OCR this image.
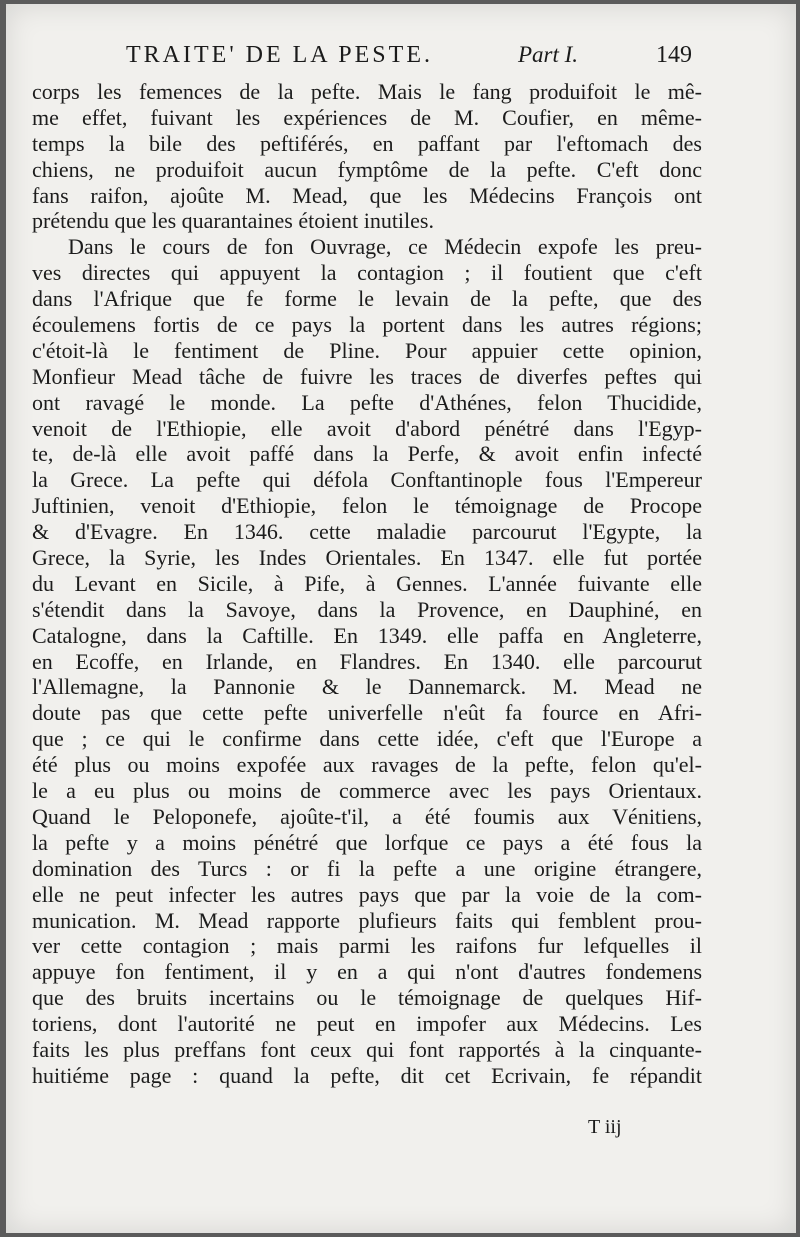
TRAITE' DE LA PESTE.	Part I.	149
corps les femences de la pefte. Mais le fang produifoit le mê-
me effet, fuivant les expériences de M. Coufier, en même-
temps la bile des peftiférés, en paffant par l'eftomach des
chiens, ne produifoit aucun fymptôme de la pefte. C'eft donc
fans raifon, ajoûte M. Mead, que les Médecins François ont
prétendu que les quarantaines étoient inutiles.
Dans le cours de fon Ouvrage, ce Médecin expofe les preu-
ves directes qui appuyent la contagion ; il foutient que c'eft
dans l'Afrique que fe forme le levain de la pefte, que des
écoulemens fortis de ce pays la portent dans les autres régions;
c'étoit-là le fentiment de Pline. Pour appuier cette opinion,
Monfieur Mead tâche de fuivre les traces de diverfes peftes qui
ont ravagé le monde. La pefte d'Athénes, felon Thucidide,
venoit de l'Ethiopie, elle avoit d'abord pénétré dans l'Egyp-
te, de-là elle avoit paffé dans la Perfe, & avoit enfin infecté
la Grece. La pefte qui défola Conftantinople fous l'Empereur
Juftinien, venoit d'Ethiopie, felon le témoignage de Procope
& d'Evagre. En 1346. cette maladie parcourut l'Egypte, la
Grece, la Syrie, les Indes Orientales. En 1347. elle fut portée
du Levant en Sicile, à Pife, à Gennes. L'année fuivante elle
s'étendit dans la Savoye, dans la Provence, en Dauphiné, en
Catalogne, dans la Caftille. En 1349. elle paffa en Angleterre,
en Ecoffe, en Irlande, en Flandres. En 1340. elle parcourut
l'Allemagne, la Pannonie & le Dannemarck. M. Mead ne
doute pas que cette pefte univerfelle n'eût fa fource en Afri-
que ; ce qui le confirme dans cette idée, c'eft que l'Europe a
été plus ou moins expofée aux ravages de la pefte, felon qu'el-
le a eu plus ou moins de commerce avec les pays Orientaux.
Quand le Peloponefe, ajoûte-t'il, a été foumis aux Vénitiens,
la pefte y a moins pénétré que lorfque ce pays a été fous la
domination des Turcs : or fi la pefte a une origine étrangere,
elle ne peut infecter les autres pays que par la voie de la com-
munication. M. Mead rapporte plufieurs faits qui femblent prou-
ver cette contagion ; mais parmi les raifons fur lefquelles il
appuye fon fentiment, il y en a qui n'ont d'autres fondemens
que des bruits incertains ou le témoignage de quelques Hif-
toriens, dont l'autorité ne peut en impofer aux Médecins. Les
faits les plus preffans font ceux qui font rapportés à la cinquante-
huitiéme page : quand la pefte, dit cet Ecrivain, fe répandit
T iij
